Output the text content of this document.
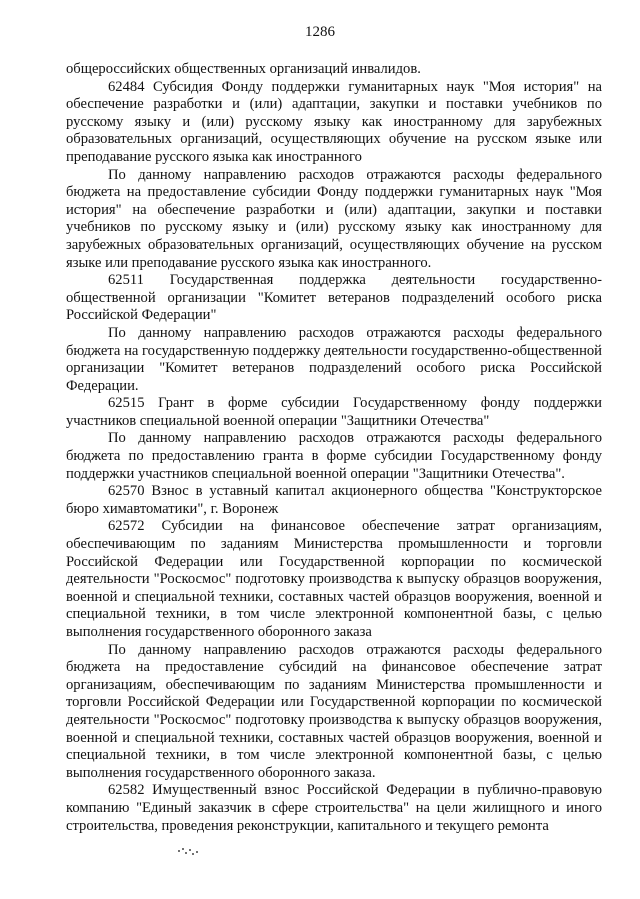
1286

общероссийских общественных организаций инвалидов.

62484 Субсидия Фонду поддержки гуманитарных наук "Моя история" на обеспечение разработки и (или) адаптации, закупки и поставки учебников по русскому языку и (или) русскому языку как иностранному для зарубежных образовательных организаций, осуществляющих обучение на русском языке или преподавание русского языка как иностранного

По данному направлению расходов отражаются расходы федерального бюджета на предоставление субсидии Фонду поддержки гуманитарных наук "Моя история" на обеспечение разработки и (или) адаптации, закупки и поставки учебников по русскому языку и (или) русскому языку как иностранному для зарубежных образовательных организаций, осуществляющих обучение на русском языке или преподавание русского языка как иностранного.

62511 Государственная поддержка деятельности государственно-общественной организации "Комитет ветеранов подразделений особого риска Российской Федерации"

По данному направлению расходов отражаются расходы федерального бюджета на государственную поддержку деятельности государственно-общественной организации "Комитет ветеранов подразделений особого риска Российской Федерации.

62515 Грант в форме субсидии Государственному фонду поддержки участников специальной военной операции "Защитники Отечества"

По данному направлению расходов отражаются расходы федерального бюджета по предоставлению гранта в форме субсидии Государственному фонду поддержки участников специальной военной операции "Защитники Отечества".

62570 Взнос в уставный капитал акционерного общества "Конструкторское бюро химавтоматики", г. Воронеж

62572 Субсидии на финансовое обеспечение затрат организациям, обеспечивающим по заданиям Министерства промышленности и торговли Российской Федерации или Государственной корпорации по космической деятельности "Роскосмос" подготовку производства к выпуску образцов вооружения, военной и специальной техники, составных частей образцов вооружения, военной и специальной техники, в том числе электронной компонентной базы, с целью выполнения государственного оборонного заказа

По данному направлению расходов отражаются расходы федерального бюджета на предоставление субсидий на финансовое обеспечение затрат организациям, обеспечивающим по заданиям Министерства промышленности и торговли Российской Федерации или Государственной корпорации по космической деятельности "Роскосмос" подготовку производства к выпуску образцов вооружения, военной и специальной техники, составных частей образцов вооружения, военной и специальной техники, в том числе электронной компонентной базы, с целью выполнения государственного оборонного заказа.

62582 Имущественный взнос Российской Федерации в публично-правовую компанию "Единый заказчик в сфере строительства" на цели жилищного и иного строительства, проведения реконструкции, капитального и текущего ремонта
